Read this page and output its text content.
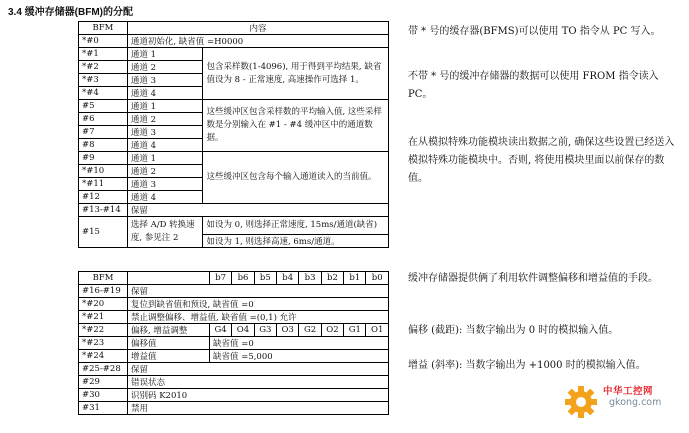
3.4 缓冲存储器(BFM)的分配
BFM	内容	
*#0	通道初始化, 缺省值 =H0000	
*#1	通道 1	包含采样数(1-4096), 用于得到平均结果, 缺省值设为 8 - 正常速度, 高速操作可选择 1。
*#2	通道 2	
*#3	通道 3	
*#4	通道 4	
#5	通道 1	这些缓冲区包含采样数的平均输入值, 这些采样数是分别输入在 #1 - #4 缓冲区中的通道数据。
#6	通道 2	
#7	通道 3	
#8	通道 4	
#9	通道 1	这些缓冲区包含每个输入通道读入的当前值。
*#10	通道 2	
*#11	通道 3	
#12	通道 4	
#13-#14	保留	
#15	选择 A/D 转换速度, 参见注 2	如设为 0, 则选择正常速度, 15ms/通道(缺省)
		如设为 1, 则选择高速, 6ms/通道。
BFM		b7	b6	b5	b4	b3	b2	b1	b0
#16-#19	保留								
*#20	复位到缺省值和预设, 缺省值 =0								
*#21	禁止调整偏移、增益值, 缺省值 =(0,1) 允许								
*#22	偏移, 增益调整	G4	O4	G3	O3	G2	O2	G1	O1
*#23	偏移值	缺省值 =0							
*#24	增益值	缺省值 =5,000							
#25-#28	保留								
#29	错误状态								
#30	识别码 K2010								
#31	禁用								
带 * 号的缓存器(BFMS)可以使用 TO 指令从 PC 写入。
不带 * 号的缓冲存储器的数据可以使用 FROM 指令读入 PC。
在从模拟特殊功能模块读出数据之前, 确保这些设置已经送入模拟特殊功能模块中。否则, 将使用模块里面以前保存的数值。
缓冲存储器提供俩了利用软件调整偏移和增益值的手段。
偏移 (截距): 当数字输出为 0 时的模拟输入值。
增益 (斜率): 当数字输出为 +1000 时的模拟输入值。
中华工控网
gkong.com
